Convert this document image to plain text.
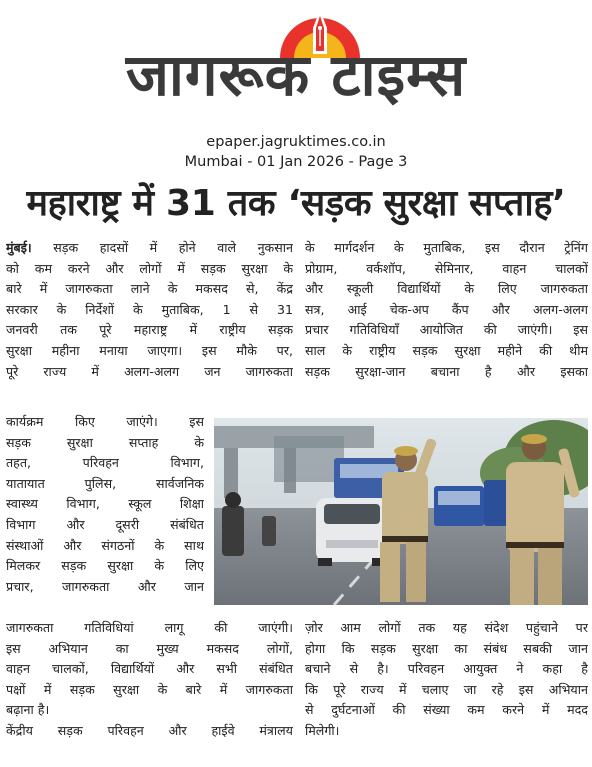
जागरूक टाइम्स
epaper.jagruktimes.co.in
Mumbai - 01 Jan 2026 - Page 3
महाराष्ट्र में 31 तक ‘सड़क सुरक्षा सप्ताह’
मुंबई। सड़क हादसों में होने वाले नुकसान
को कम करने और लोगों में सड़क सुरक्षा के
बारे में जागरुकता लाने के मकसद से, केंद्र
सरकार के निर्देशों के मुताबिक, 1 से 31
जनवरी तक पूरे महाराष्ट्र में राष्ट्रीय सड़क
सुरक्षा महीना मनाया जाएगा। इस मौके पर,
पूरे राज्य में अलग-अलग जन जागरुकता
के मार्गदर्शन के मुताबिक, इस दौरान ट्रेनिंग
प्रोग्राम, वर्कशॉप, सेमिनार, वाहन चालकों
और स्कूली विद्यार्थियों के लिए जागरुकता
सत्र, आई चेक-अप कैंप और अलग-अलग
प्रचार गतिविधियाँ आयोजित की जाएंगी। इस
साल के राष्ट्रीय सड़क सुरक्षा महीने की थीम
सड़क सुरक्षा-जान बचाना है और इसका
कार्यक्रम किए जाएंगे। इस
सड़क सुरक्षा सप्ताह के
तहत, परिवहन विभाग,
यातायात पुलिस, सार्वजनिक
स्वास्थ्य विभाग, स्कूल शिक्षा
विभाग और दूसरी संबंधित
संस्थाओं और संगठनों के साथ
मिलकर सड़क सुरक्षा के लिए
प्रचार, जागरुकता और जान
जागरुकता गतिविधियां लागू की जाएंगी।
इस अभियान का मुख्य मकसद लोगों,
वाहन चालकों, विद्यार्थियों और सभी संबंधित
पक्षों में सड़क सुरक्षा के बारे में जागरुकता
बढ़ाना है।
केंद्रीय सड़क परिवहन और हाईवे मंत्रालय
ज़ोर आम लोगों तक यह संदेश पहुंचाने पर
होगा कि सड़क सुरक्षा का संबंध सबकी जान
बचाने से है। परिवहन आयुक्त ने कहा है
कि पूरे राज्य में चलाए जा रहे इस अभियान
से दुर्घटनाओं की संख्या कम करने में मदद
मिलेगी।
